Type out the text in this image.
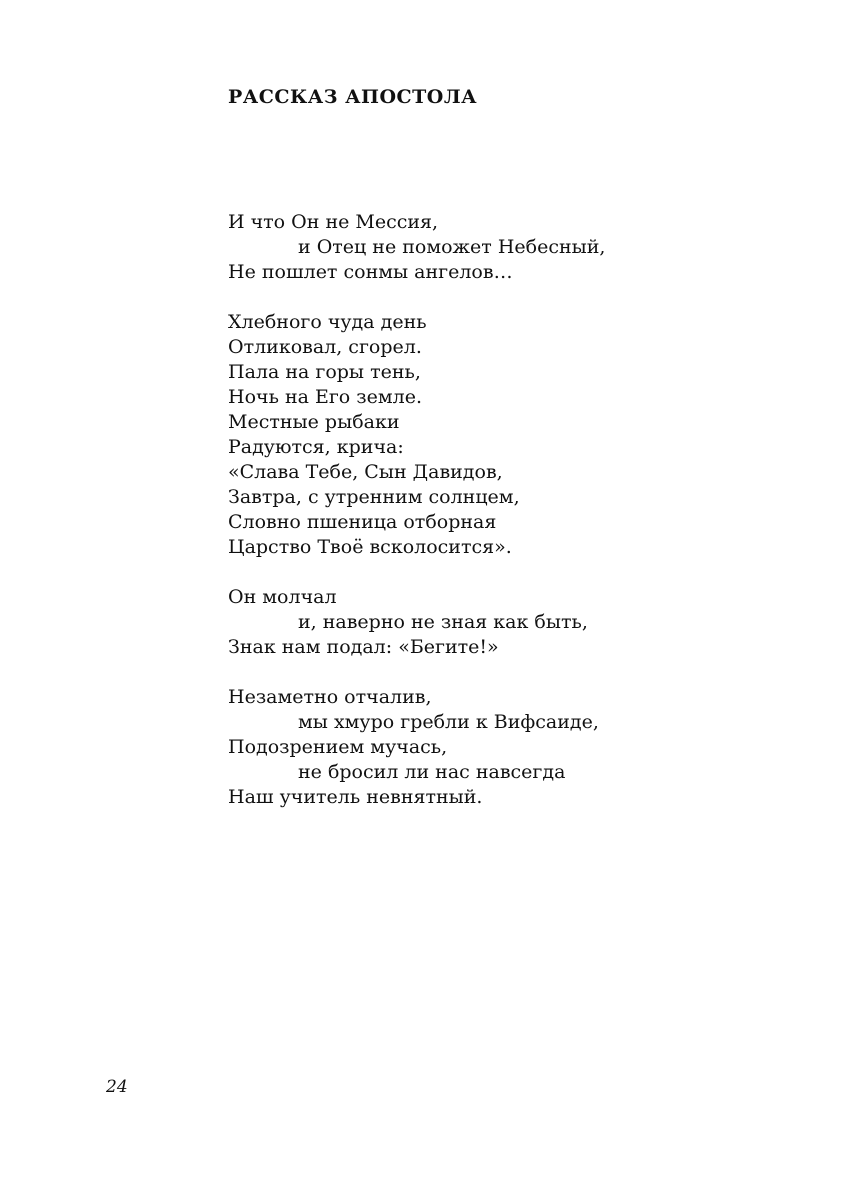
РАССКАЗ АПОСТОЛА
И что Он не Мессия,
и Отец не поможет Небесный,
Не пошлет сонмы ангелов…
Хлебного чуда день
Отликовал, сгорел.
Пала на горы тень,
Ночь на Его земле.
Местные рыбаки
Радуются, крича:
«Слава Тебе, Сын Давидов,
Завтра, с утренним солнцем,
Словно пшеница отборная
Царство Твоё всколосится».
Он молчал
и, наверно не зная как быть,
Знак нам подал: «Бегите!»
Незаметно отчалив,
мы хмуро гребли к Вифсаиде,
Подозрением мучась,
не бросил ли нас навсегда
Наш учитель невнятный.
24
